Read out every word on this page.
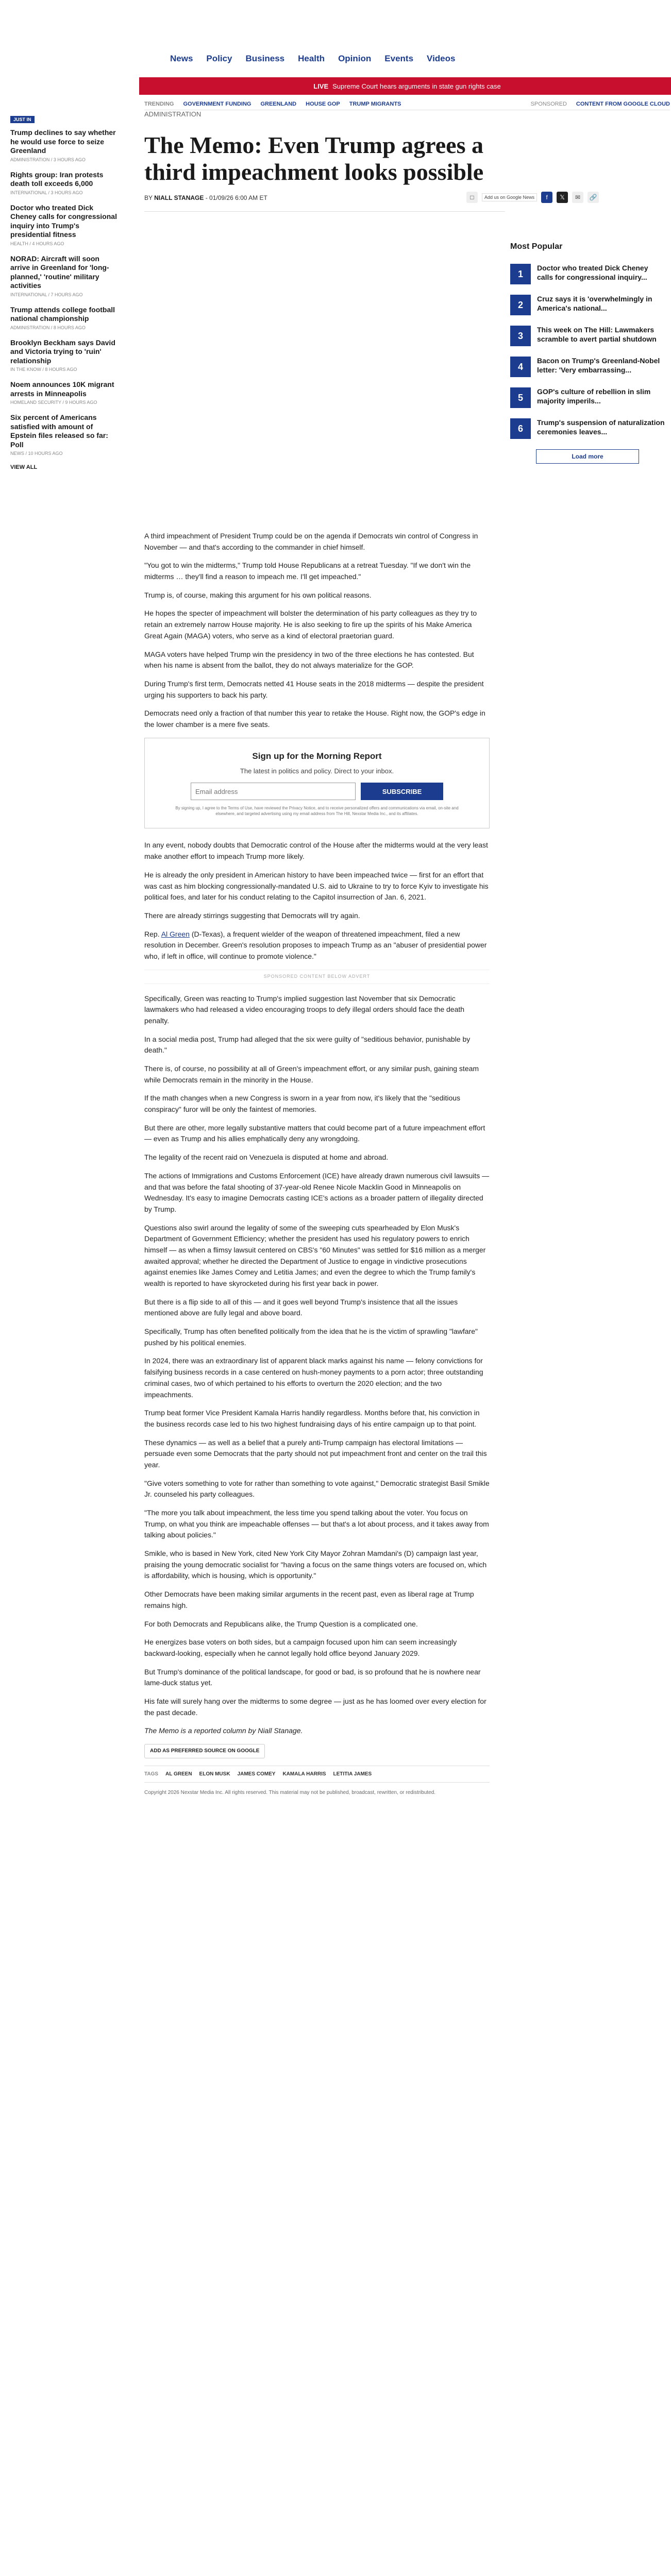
News Policy Business Health Opinion Events Videos
LIVE Supreme Court hears arguments in state gun rights case
TRENDING GOVERNMENT FUNDING GREENLAND HOUSE GOP TRUMP MIGRANTS	SPONSORED CONTENT FROM GOOGLE CLOUD
JUST IN
Trump declines to say whether he would use force to seize Greenland
ADMINISTRATION / 3 HOURS AGO
Rights group: Iran protests death toll exceeds 6,000
INTERNATIONAL / 3 HOURS AGO
Doctor who treated Dick Cheney calls for congressional inquiry into Trump's presidential fitness
HEALTH / 4 HOURS AGO
NORAD: Aircraft will soon arrive in Greenland for 'long-planned,' 'routine' military activities
INTERNATIONAL / 7 HOURS AGO
Trump attends college football national championship
ADMINISTRATION / 8 HOURS AGO
Brooklyn Beckham says David and Victoria trying to 'ruin' relationship
IN THE KNOW / 8 HOURS AGO
Noem announces 10K migrant arrests in Minneapolis
HOMELAND SECURITY / 9 HOURS AGO
Six percent of Americans satisfied with amount of Epstein files released so far: Poll
NEWS / 10 HOURS AGO
VIEW ALL
ADMINISTRATION
The Memo: Even Trump agrees a third impeachment looks possible
BY NIALL STANAGE - 01/09/26 6:00 AM ET	□	Add us on Google News	f	𝕏	✉	🔗
Most Popular
1
Doctor who treated Dick Cheney calls for congressional inquiry...
2
Cruz says it is 'overwhelmingly in America's national...
3
This week on The Hill: Lawmakers scramble to avert partial shutdown
4
Bacon on Trump's Greenland-Nobel letter: 'Very embarrassing...
5
GOP's culture of rebellion in slim majority imperils...
6
Trump's suspension of naturalization ceremonies leaves...
Load more

A third impeachment of President Trump could be on the agenda if Democrats win control of Congress in November — and that's according to the commander in chief himself.

"You got to win the midterms," Trump told House Republicans at a retreat Tuesday. "If we don't win the midterms … they'll find a reason to impeach me. I'll get impeached."

Trump is, of course, making this argument for his own political reasons.

He hopes the specter of impeachment will bolster the determination of his party colleagues as they try to retain an extremely narrow House majority. He is also seeking to fire up the spirits of his Make America Great Again (MAGA) voters, who serve as a kind of electoral praetorian guard.

MAGA voters have helped Trump win the presidency in two of the three elections he has contested. But when his name is absent from the ballot, they do not always materialize for the GOP.

During Trump's first term, Democrats netted 41 House seats in the 2018 midterms — despite the president urging his supporters to back his party.

Democrats need only a fraction of that number this year to retake the House. Right now, the GOP's edge in the lower chamber is a mere five seats.

Sign up for the Morning Report
The latest in politics and policy. Direct to your inbox.
Email address
SUBSCRIBE
By signing up, I agree to the Terms of Use, have reviewed the Privacy Notice, and to receive personalized offers and communications via email, on-site and elsewhere, and targeted advertising using my email address from The Hill, Nexstar Media Inc., and its affiliates.

In any event, nobody doubts that Democratic control of the House after the midterms would at the very least make another effort to impeach Trump more likely.

He is already the only president in American history to have been impeached twice — first for an effort that was cast as him blocking congressionally-mandated U.S. aid to Ukraine to try to force Kyiv to investigate his political foes, and later for his conduct relating to the Capitol insurrection of Jan. 6, 2021.

There are already stirrings suggesting that Democrats will try again.

Rep. Al Green (D-Texas), a frequent wielder of the weapon of threatened impeachment, filed a new resolution in December. Green's resolution proposes to impeach Trump as an "abuser of presidential power who, if left in office, will continue to promote violence."

SPONSORED CONTENT BELOW ADVERT

Specifically, Green was reacting to Trump's implied suggestion last November that six Democratic lawmakers who had released a video encouraging troops to defy illegal orders should face the death penalty.

In a social media post, Trump had alleged that the six were guilty of "seditious behavior, punishable by death."

There is, of course, no possibility at all of Green's impeachment effort, or any similar push, gaining steam while Democrats remain in the minority in the House.

If the math changes when a new Congress is sworn in a year from now, it's likely that the "seditious conspiracy" furor will be only the faintest of memories.

But there are other, more legally substantive matters that could become part of a future impeachment effort — even as Trump and his allies emphatically deny any wrongdoing.

The legality of the recent raid on Venezuela is disputed at home and abroad.

The actions of Immigrations and Customs Enforcement (ICE) have already drawn numerous civil lawsuits — and that was before the fatal shooting of 37-year-old Renee Nicole Macklin Good in Minneapolis on Wednesday. It's easy to imagine Democrats casting ICE's actions as a broader pattern of illegality directed by Trump.

Questions also swirl around the legality of some of the sweeping cuts spearheaded by Elon Musk's Department of Government Efficiency; whether the president has used his regulatory powers to enrich himself — as when a flimsy lawsuit centered on CBS's "60 Minutes" was settled for $16 million as a merger awaited approval; whether he directed the Department of Justice to engage in vindictive prosecutions against enemies like James Comey and Letitia James; and even the degree to which the Trump family's wealth is reported to have skyrocketed during his first year back in power.

But there is a flip side to all of this — and it goes well beyond Trump's insistence that all the issues mentioned above are fully legal and above board.

Specifically, Trump has often benefited politically from the idea that he is the victim of sprawling "lawfare" pushed by his political enemies.

In 2024, there was an extraordinary list of apparent black marks against his name — felony convictions for falsifying business records in a case centered on hush-money payments to a porn actor; three outstanding criminal cases, two of which pertained to his efforts to overturn the 2020 election; and the two impeachments.

Trump beat former Vice President Kamala Harris handily regardless. Months before that, his conviction in the business records case led to his two highest fundraising days of his entire campaign up to that point.

These dynamics — as well as a belief that a purely anti-Trump campaign has electoral limitations — persuade even some Democrats that the party should not put impeachment front and center on the trail this year.

"Give voters something to vote for rather than something to vote against," Democratic strategist Basil Smikle Jr. counseled his party colleagues.

"The more you talk about impeachment, the less time you spend talking about the voter. You focus on Trump, on what you think are impeachable offenses — but that's a lot about process, and it takes away from talking about policies."

Smikle, who is based in New York, cited New York City Mayor Zohran Mamdani's (D) campaign last year, praising the young democratic socialist for "having a focus on the same things voters are focused on, which is affordability, which is housing, which is opportunity."

Other Democrats have been making similar arguments in the recent past, even as liberal rage at Trump remains high.

For both Democrats and Republicans alike, the Trump Question is a complicated one.

He energizes base voters on both sides, but a campaign focused upon him can seem increasingly backward-looking, especially when he cannot legally hold office beyond January 2029.

But Trump's dominance of the political landscape, for good or bad, is so profound that he is nowhere near lame-duck status yet.

His fate will surely hang over the midterms to some degree — just as he has loomed over every election for the past decade.

The Memo is a reported column by Niall Stanage.

ADD AS PREFERRED SOURCE ON GOOGLE
TAGS AL GREEN ELON MUSK JAMES COMEY KAMALA HARRIS LETITIA JAMES
Copyright 2026 Nexstar Media Inc. All rights reserved. This material may not be published, broadcast, rewritten, or redistributed.
